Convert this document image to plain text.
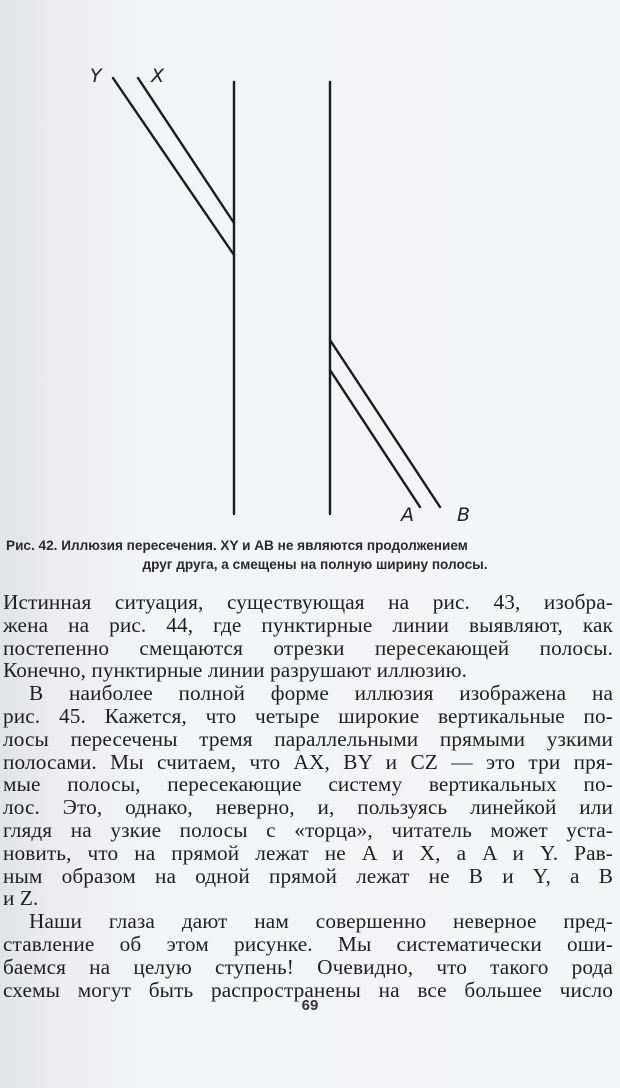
Y	X
A B
Рис. 42. Иллюзия пересечения. XY и AB не являются продолжением
друг друга, а смещены на полную ширину полосы.
Истинная ситуация, существующая на рис. 43, изобра-
жена на рис. 44, где пунктирные линии выявляют, как
постепенно смещаются отрезки пересекающей полосы.
Конечно, пунктирные линии разрушают иллюзию.
В наиболее полной форме иллюзия изображена на
рис. 45. Кажется, что четыре широкие вертикальные по-
лосы пересечены тремя параллельными прямыми узкими
полосами. Мы считаем, что AX, BY и CZ — это три пря-
мые полосы, пересекающие систему вертикальных по-
лос. Это, однако, неверно, и, пользуясь линейкой или
глядя на узкие полосы с «торца», читатель может уста-
новить, что на прямой лежат не A и X, а A и Y. Рав-
ным образом на одной прямой лежат не B и Y, а B
и Z.
Наши глаза дают нам совершенно неверное пред-
ставление об этом рисунке. Мы систематически оши-
баемся на целую ступень! Очевидно, что такого рода
схемы могут быть распространены на все большее число
69
